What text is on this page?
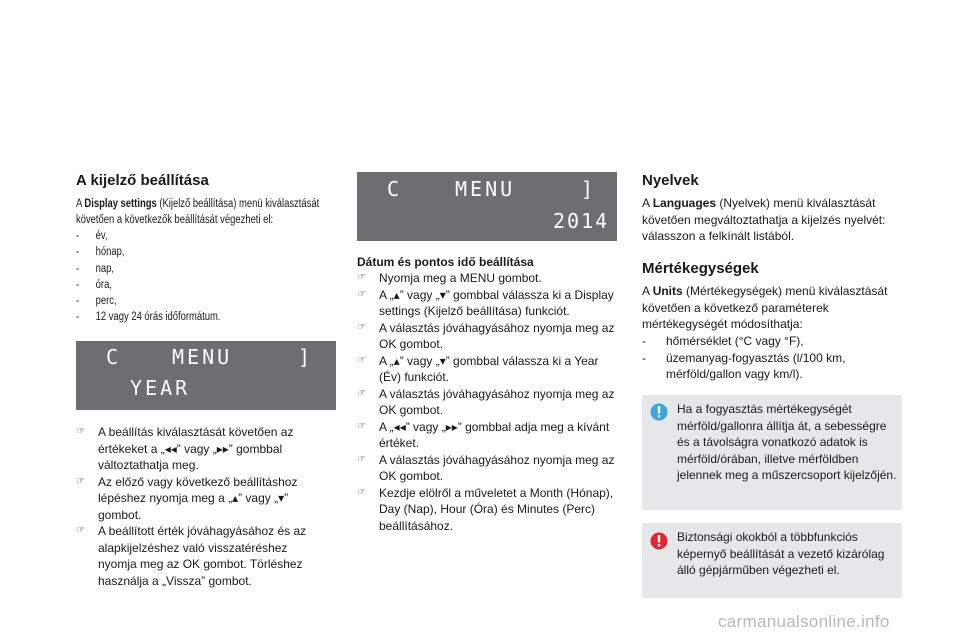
A kijelző beállítása
A Display settings (Kijelző beállítása) menü kiválasztását követően a következők beállítását végezheti el:
- év,
- hónap,
- nap,
- óra,
- perc,
- 12 vagy 24 órás időformátum.
C	MENU	]
YEAR
☞ A beállítás kiválasztását követően az értékeket a „◂◂” vagy „▸▸” gombbal változtathatja meg.
☞ Az előző vagy következő beállításhoz lépéshez nyomja meg a „▴” vagy „▾” gombot.
☞ A beállított érték jóváhagyásához és az alapkijelzéshez való visszatéréshez nyomja meg az OK gombot. Törléshez használja a „Vissza” gombot.
C	MENU	]
2014
Dátum és pontos idő beállítása
☞ Nyomja meg a MENU gombot.
☞ A „▴” vagy „▾” gombbal válassza ki a Display settings (Kijelző beállítása) funkciót.
☞ A választás jóváhagyásához nyomja meg az OK gombot.
☞ A „▴” vagy „▾” gombbal válassza ki a Year (Év) funkciót.
☞ A választás jóváhagyásához nyomja meg az OK gombot.
☞ A „◂◂” vagy „▸▸” gombbal adja meg a kívánt értéket.
☞ A választás jóváhagyásához nyomja meg az OK gombot.
☞ Kezdje elölről a műveletet a Month (Hónap), Day (Nap), Hour (Óra) és Minutes (Perc) beállításához.
Nyelvek
A Languages (Nyelvek) menü kiválasztását követően megváltoztathatja a kijelzés nyelvét: válasszon a felkínált listából.
Mértékegységek
A Units (Mértékegységek) menü kiválasztását követően a következő paraméterek mértékegységét módosíthatja:
- hőmérséklet (°C vagy °F),
- üzemanyag-fogyasztás (l/100 km, mérföld/gallon vagy km/l).
Ha a fogyasztás mértékegységét mérföld/gallonra állítja át, a sebességre és a távolságra vonatkozó adatok is mérföld/órában, illetve mérföldben jelennek meg a műszercsoport kijelzőjén.
Biztonsági okokból a többfunkciós képernyő beállítását a vezető kizárólag álló gépjárműben végezheti el.
carmanualsonline.info
